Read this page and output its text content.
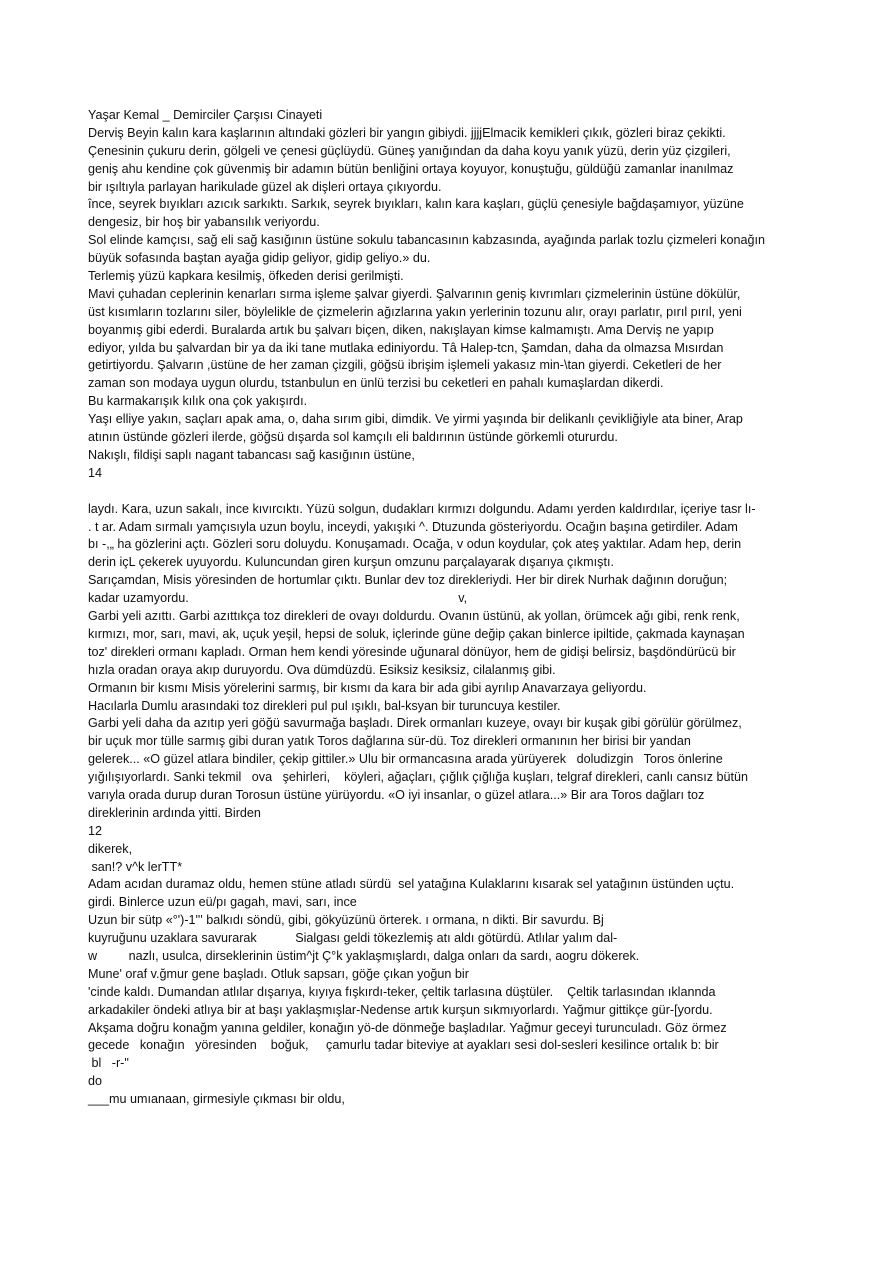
Yaşar Kemal _ Demirciler Çarşısı Cinayeti
Derviş Beyin kalın kara kaşlarının altındaki gözleri bir yangın gibiydi. jjjjElmacik kemikleri çıkık, gözleri biraz çekikti.
Çenesinin çukuru derin, gölgeli ve çenesi güçlüydü. Güneş yanığından da daha koyu yanık yüzü, derin yüz çizgileri,
geniş ahu kendine çok güvenmiş bir adamın bütün benliğini ortaya koyuyor, konuştuğu, güldüğü zamanlar inanılmaz
bir ışıltıyla parlayan harikulade güzel ak dişleri ortaya çıkıyordu.
înce, seyrek bıyıkları azıcık sarkıktı. Sarkık, seyrek bıyıkları, kalın kara kaşları, güçlü çenesiyle bağdaşamıyor, yüzüne
dengesiz, bir hoş bir yabansılık veriyordu.
Sol elinde kamçısı, sağ eli sağ kasığının üstüne sokulu tabancasının kabzasında, ayağında parlak tozlu çizmeleri konağın
büyük sofasında baştan ayağa gidip geliyor, gidip geliyo.» du.
Terlemiş yüzü kapkara kesilmiş, öfkeden derisi gerilmişti.
Mavi çuhadan ceplerinin kenarları sırma işleme şalvar giyerdi. Şalvarının geniş kıvrımları çizmelerinin üstüne dökülür,
üst kısımların tozlarını siler, böylelikle de çizmelerin ağızlarına yakın yerlerinin tozunu alır, orayı parlatır, pırıl pırıl, yeni
boyanmış gibi ederdi. Buralarda artık bu şalvarı biçen, diken, nakışlayan kimse kalmamıştı. Ama Derviş ne yapıp
ediyor, yılda bu şalvardan bir ya da iki tane mutlaka ediniyordu. Tâ Halep-tcn, Şamdan, daha da olmazsa Mısırdan
getirtiyordu. Şalvarın ,üstüne de her zaman çizgili, göğsü ibrişim işlemeli yakasız min-\tan giyerdi. Ceketleri de her
zaman son modaya uygun olurdu, tstanbulun en ünlü terzisi bu ceketleri en pahalı kumaşlardan dikerdi.
Bu karmakarışık kılık ona çok yakışırdı.
Yaşı elliye yakın, saçları apak ama, o, daha sırım gibi, dimdik. Ve yirmi yaşında bir delikanlı çevikliğiyle ata biner, Arap
atının üstünde gözleri ilerde, göğsü dışarda sol kamçılı eli baldırının üstünde görkemli otururdu.
Nakışlı, fildişi saplı nagant tabancası sağ kasığının üstüne,
14
laydı. Kara, uzun sakalı, ince kıvırcıktı. Yüzü solgun, dudakları kırmızı dolgundu. Adamı yerden kaldırdılar, içeriye tasr lı-
. t ar. Adam sırmalı yamçısıyla uzun boylu, inceydi, yakışıki ^. Dtuzunda gösteriyordu. Ocağın başına getirdiler. Adam
bı -,„ ha gözlerini açtı. Gözleri soru doluydu. Konuşamadı. Ocağa, v odun koydular, çok ateş yaktılar. Adam hep, derin
derin içL çekerek uyuyordu. Kuluncundan giren kurşun omzunu parçalayarak dışarıya çıkmıştı.
Sarıçamdan, Misis yöresinden de hortumlar çıktı. Bunlar dev toz direkleriydi. Her bir direk Nurhak dağının doruğun;
kadar uzamyordu.                                                                             v,
Garbi yeli azıttı. Garbi azıttıkça toz direkleri de ovayı doldurdu. Ovanın üstünü, ak yollan, örümcek ağı gibi, renk renk,
kırmızı, mor, sarı, mavi, ak, uçuk yeşil, hepsi de soluk, içlerinde güne değip çakan binlerce ipiltide, çakmada kaynaşan
toz' direkleri ormanı kapladı. Orman hem kendi yöresinde uğunaral dönüyor, hem de gidişi belirsiz, başdöndürücü bir
hızla oradan oraya akıp duruyordu. Ova dümdüzdü. Esiksiz kesiksiz, cilalanmış gibi.
Ormanın bir kısmı Misis yörelerini sarmış, bir kısmı da kara bir ada gibi ayrılıp Anavarzaya geliyordu.
Hacılarla Dumlu arasındaki toz direkleri pul pul ışıklı, bal-ksyan bir turuncuya kestiler.
Garbi yeli daha da azıtıp yeri göğü savurmağa başladı. Direk ormanları kuzeye, ovayı bir kuşak gibi görülür görülmez,
bir uçuk mor tülle sarmış gibi duran yatık Toros dağlarına sür-dü. Toz direkleri ormanının her birisi bir yandan
gelerek... «O güzel atlara bindiler, çekip gittiler.» Ulu bir ormancasına arada yürüyerek   doludizgin   Toros önlerine
yığılışıyorlardı. Sanki tekmil   ova   şehirleri,    köyleri, ağaçları, çığlık çığlığa kuşları, telgraf direkleri, canlı cansız bütün
varıyla orada durup duran Torosun üstüne yürüyordu. «O iyi insanlar, o güzel atlara...» Bir ara Toros dağları toz
direklerinin ardında yitti. Birden
12
dikerek,
san!? v^k lerTT*
Adam acıdan duramaz oldu, hemen stüne atladı sürdü  sel yatağına Kulaklarını kısarak sel yatağının üstünden uçtu.
girdi. Binlerce uzun eü/pı gagah, mavi, sarı, ince
Uzun bir sütp «°')-1''' balkıdı söndü, gibi, gökyüzünü örterek. ı ormana, n dikti. Bir savurdu. Bj
kuyruğunu uzaklara savurarak           Sialgası geldi tökezlemiş atı aldı götürdü. Atlılar yalım dal-
w         nazlı, usulca, dirseklerinin üstim^jt Ç°k yaklaşmışlardı, dalga onları da sardı, aogru dökerek.
Mune' oraf v.ğmur gene başladı. Otluk sapsarı, göğe çıkan yoğun bir
'cinde kaldı. Dumandan atlılar dışarıya, kıyıya fışkırdı-teker, çeltik tarlasına düştüler.    Çeltik tarlasından ıklannda
arkadakiler öndeki atlıya bir at başı yaklaşmışlar-Nedense artık kurşun sıkmıyorlardı. Yağmur gittikçe gür-[yordu.
Akşama doğru konağm yanına geldiler, konağın yö-de dönmeğe başladılar. Yağmur geceyi turunculadı. Göz örmez
gecede   konağın   yöresinden    boğuk,     çamurlu tadar biteviye at ayakları sesi dol-sesleri kesilince ortalık b: bir
bl   -r-"
do
___mu umıanaan, girmesiyle çıkması bir oldu,
